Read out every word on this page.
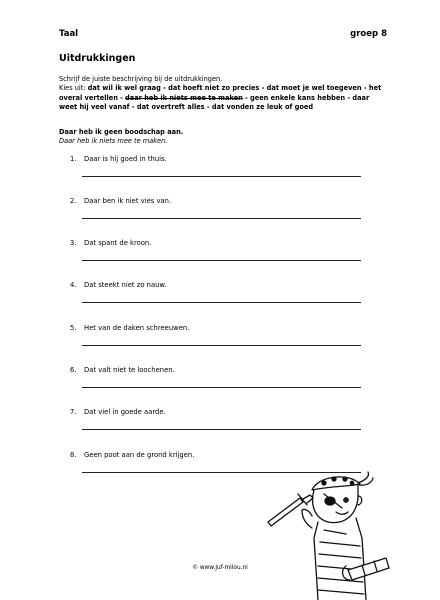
Taal	groep 8
Uitdrukkingen
Schrijf de juiste beschrijving bij de uitdrukkingen.
Kies uit: dat wil ik wel graag - dat hoeft niet zo precies - dat moet je wel toegeven - het overal vertellen - daar heb ik niets mee te maken - geen enkele kans hebben - daar weet hij veel vanaf - dat overtreft alles - dat vonden ze leuk of goed
Daar heb ik geen boodschap aan.
Daar heb ik niets mee te maken.
1. Daar is hij goed in thuis.
2. Daar ben ik niet vies van.
3. Dat spant de kroon.
4. Dat steekt niet zo nauw.
5. Het van de daken schreeuwen.
6. Dat valt niet te loochenen.
7. Dat viel in goede aarde.
8. Geen poot aan de grond krijgen.
© www.juf-milou.nl
